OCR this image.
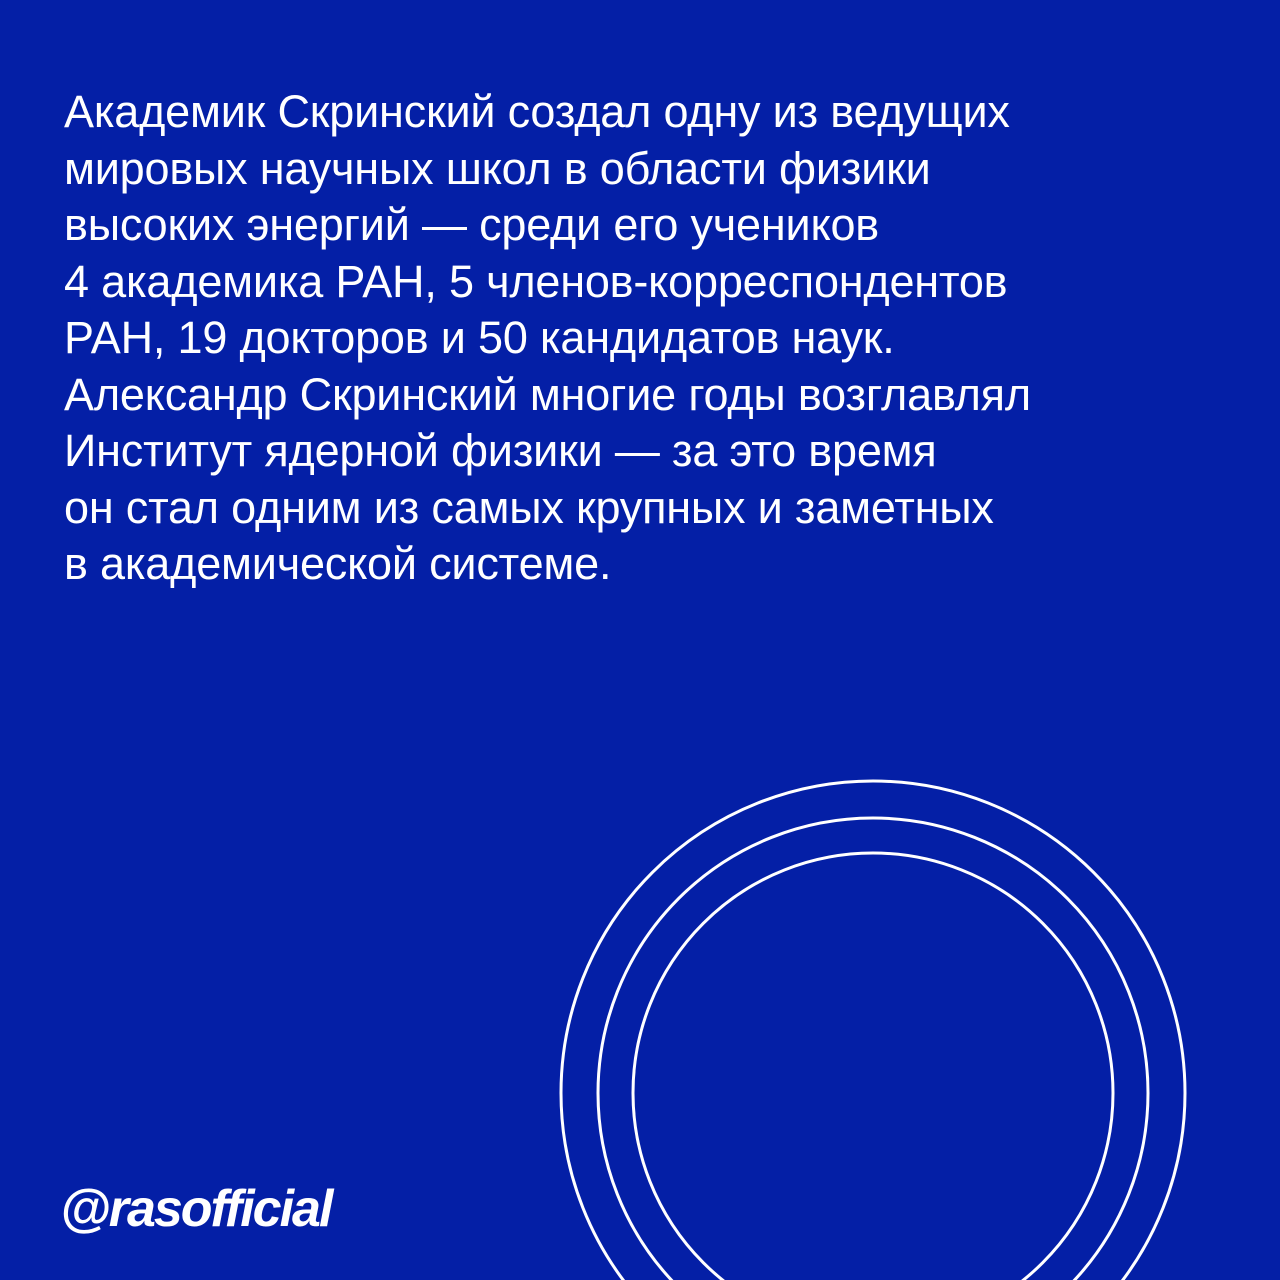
Академик Скринский создал одну из ведущих
мировых научных школ в области физики
высоких энергий — среди его учеников
4 академика РАН, 5 членов-корреспондентов
РАН, 19 докторов и 50 кандидатов наук.
Александр Скринский многие годы возглавлял
Институт ядерной физики — за это время
он стал одним из самых крупных и заметных
в академической системе.
@rasofficial
